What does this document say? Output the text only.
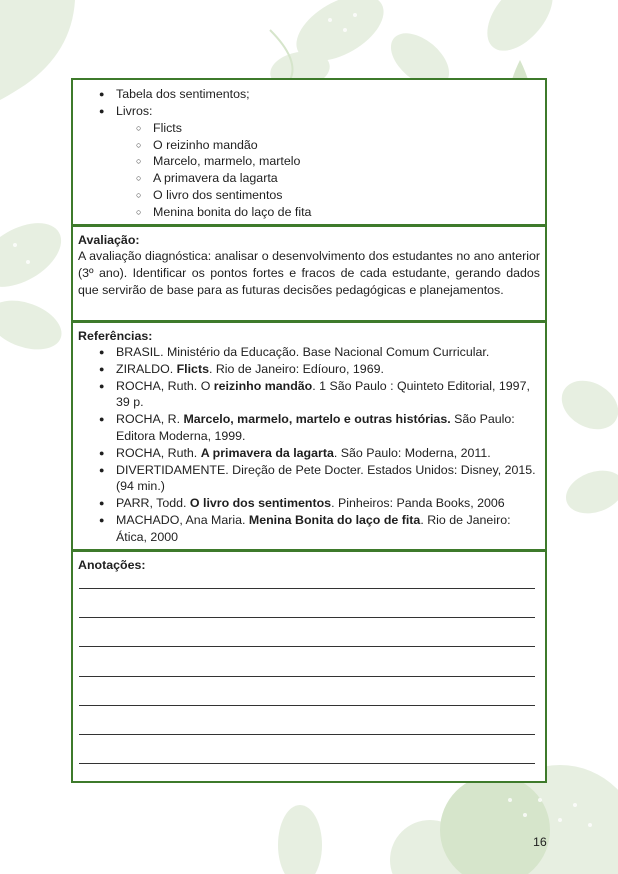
● Tabela dos sentimentos;
● Livros:
○ Flicts
○ O reizinho mandão
○ Marcelo, marmelo, martelo
○ A primavera da lagarta
○ O livro dos sentimentos
○ Menina bonita do laço de fita
Avaliação:
A avaliação diagnóstica: analisar o desenvolvimento dos estudantes no ano anterior (3º ano). Identificar os pontos fortes e fracos de cada estudante, gerando dados que servirão de base para as futuras decisões pedagógicas e planejamentos.
Referências:
● BRASIL. Ministério da Educação. Base Nacional Comum Curricular.
● ZIRALDO. Flicts. Rio de Janeiro: Edíouro, 1969.
● ROCHA, Ruth. O reizinho mandão. 1 São Paulo : Quinteto Editorial, 1997, 39 p.
● ROCHA, R. Marcelo, marmelo, martelo e outras histórias. São Paulo: Editora Moderna, 1999.
● ROCHA, Ruth. A primavera da lagarta. São Paulo: Moderna, 2011.
● DIVERTIDAMENTE. Direção de Pete Docter. Estados Unidos: Disney, 2015. (94 min.)
● PARR, Todd. O livro dos sentimentos. Pinheiros: Panda Books, 2006
● MACHADO, Ana Maria. Menina Bonita do laço de fita. Rio de Janeiro: Ática, 2000
Anotações:
16
